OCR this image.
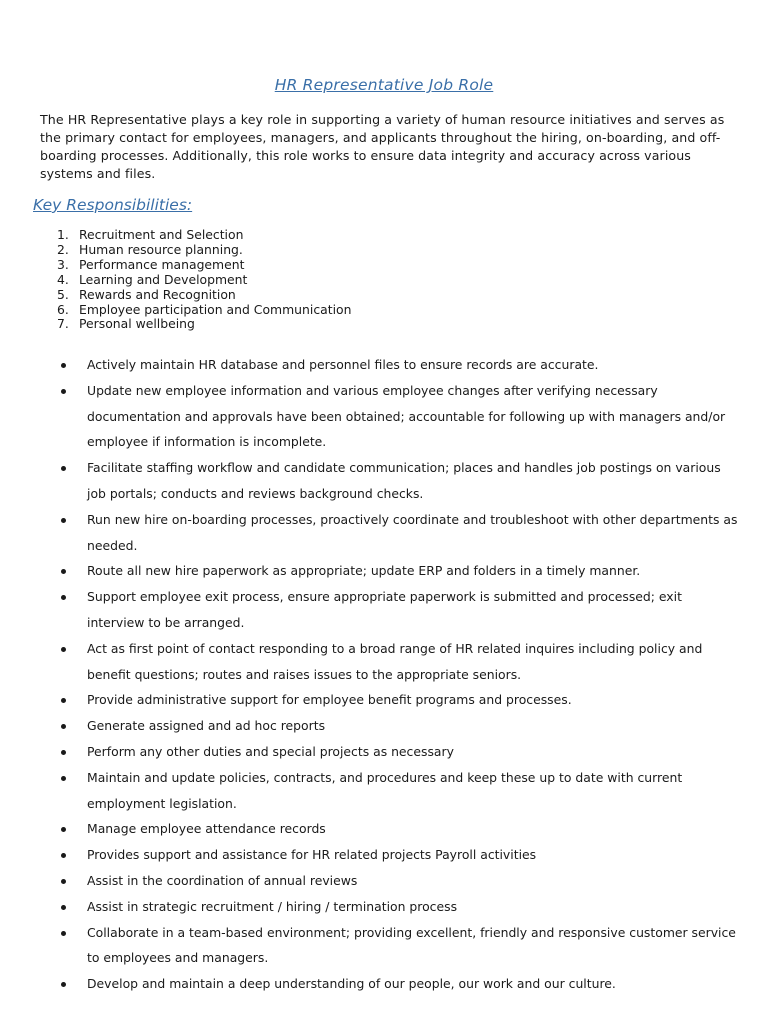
HR Representative Job Role
The HR Representative plays a key role in supporting a variety of human resource initiatives and serves as the primary contact for employees, managers, and applicants throughout the hiring, on-boarding, and off-boarding processes. Additionally, this role works to ensure data integrity and accuracy across various systems and files.
Key Responsibilities:
1. Recruitment and Selection
2. Human resource planning.
3. Performance management
4. Learning and Development
5. Rewards and Recognition
6. Employee participation and Communication
7. Personal wellbeing
Actively maintain HR database and personnel files to ensure records are accurate.
Update new employee information and various employee changes after verifying necessary documentation and approvals have been obtained; accountable for following up with managers and/or employee if information is incomplete.
Facilitate staffing workflow and candidate communication; places and handles job postings on various job portals; conducts and reviews background checks.
Run new hire on-boarding processes, proactively coordinate and troubleshoot with other departments as needed.
Route all new hire paperwork as appropriate; update ERP and folders in a timely manner.
Support employee exit process, ensure appropriate paperwork is submitted and processed; exit interview to be arranged.
Act as first point of contact responding to a broad range of HR related inquires including policy and benefit questions; routes and raises issues to the appropriate seniors.
Provide administrative support for employee benefit programs and processes.
Generate assigned and ad hoc reports
Perform any other duties and special projects as necessary
Maintain and update policies, contracts, and procedures and keep these up to date with current employment legislation.
Manage employee attendance records
Provides support and assistance for HR related projects Payroll activities
Assist in the coordination of annual reviews
Assist in strategic recruitment / hiring / termination process
Collaborate in a team-based environment; providing excellent, friendly and responsive customer service to employees and managers.
Develop and maintain a deep understanding of our people, our work and our culture.
